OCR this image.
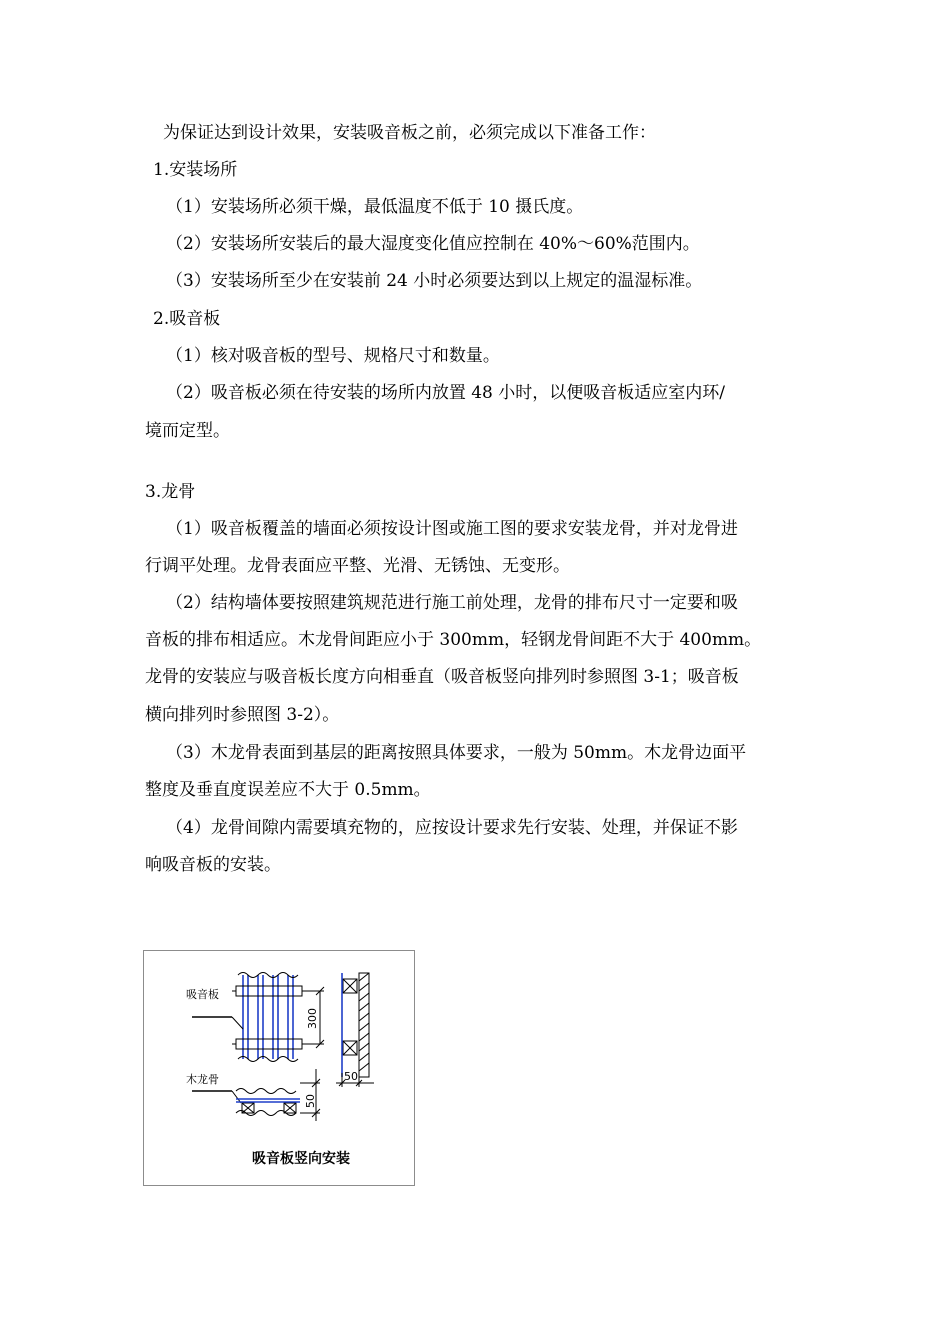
为保证达到设计效果，安装吸音板之前，必须完成以下准备工作：
1.安装场所
（1）安装场所必须干燥，最低温度不低于 10 摄氏度。
（2）安装场所安装后的最大湿度变化值应控制在 40%～60%范围内。
（3）安装场所至少在安装前 24 小时必须要达到以上规定的温湿标准。
2.吸音板
（1）核对吸音板的型号、规格尺寸和数量。
（2）吸音板必须在待安装的场所内放置 48 小时，以便吸音板适应室内环/
境而定型。
3.龙骨
（1）吸音板覆盖的墙面必须按设计图或施工图的要求安装龙骨，并对龙骨进
行调平处理。龙骨表面应平整、光滑、无锈蚀、无变形。
（2）结构墙体要按照建筑规范进行施工前处理，龙骨的排布尺寸一定要和吸
音板的排布相适应。木龙骨间距应小于 300mm，轻钢龙骨间距不大于 400mm。
龙骨的安装应与吸音板长度方向相垂直（吸音板竖向排列时参照图 3-1；吸音板
横向排列时参照图 3-2）。
（3）木龙骨表面到基层的距离按照具体要求，一般为 50mm。木龙骨边面平
整度及垂直度误差应不大于 0.5mm。
（4）龙骨间隙内需要填充物的，应按设计要求先行安装、处理，并保证不影
响吸音板的安装。
300
50
吸音板
木龙骨
50
吸音板竖向安装
